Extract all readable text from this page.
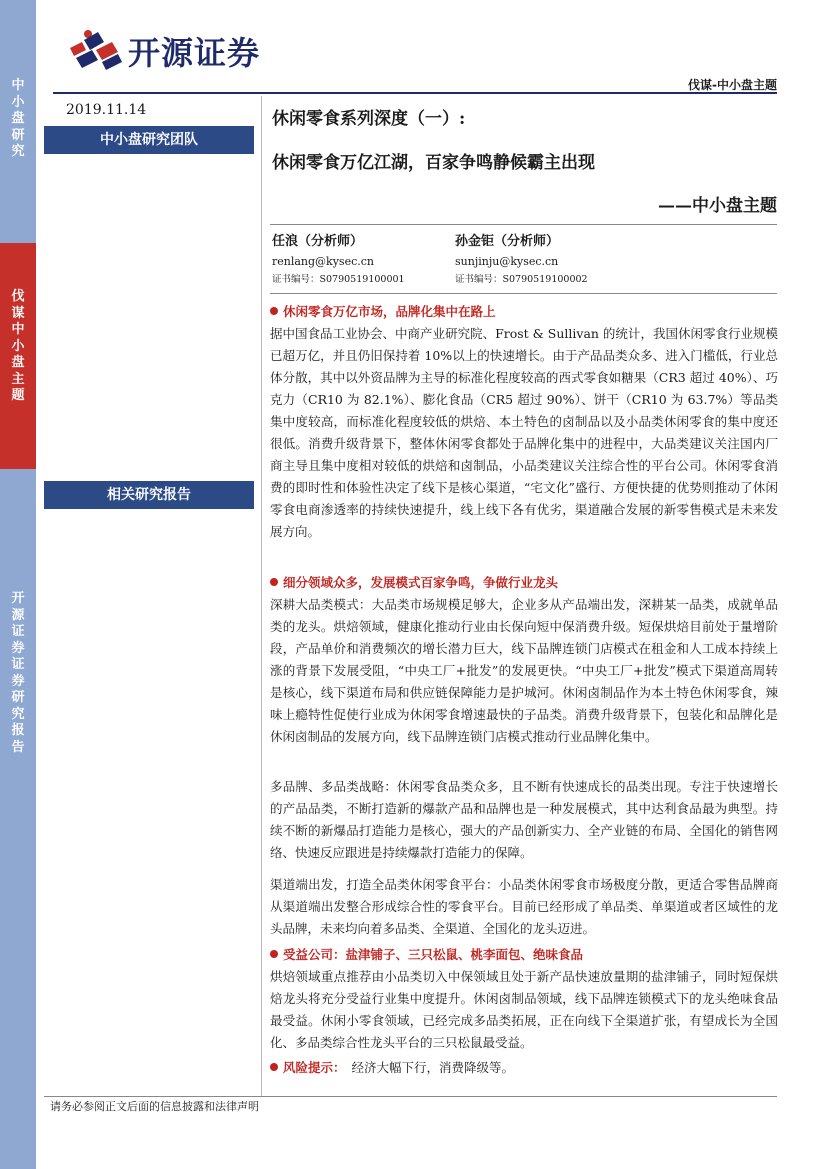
中小盘研究
伐谋中小盘主题
开源证券 证券研究报告
开源证券
伐谋-中小盘主题
2019.11.14
中小盘研究团队
相关研究报告
休闲零食系列深度（一）:
休闲零食万亿江湖，百家争鸣静候霸主出现
——中小盘主题
任浪（分析师）
renlang@kysec.cn
证书编号：S0790519100001
孙金钜（分析师）
sunjinju@kysec.cn
证书编号：S0790519100002
休闲零食万亿市场，品牌化集中在路上

据中国食品工业协会、中商产业研究院、Frost & Sullivan 的统计，我国休闲零食行业规模已超万亿，并且仍旧保持着 10%以上的快速增长。由于产品品类众多、进入门槛低，行业总体分散，其中以外资品牌为主导的标准化程度较高的西式零食如糖果（CR3 超过 40%）、巧克力（CR10 为 82.1%）、膨化食品（CR5 超过 90%）、饼干（CR10 为 63.7%）等品类集中度较高，而标准化程度较低的烘焙、本土特色的卤制品以及小品类休闲零食的集中度还很低。消费升级背景下，整体休闲零食都处于品牌化集中的进程中，大品类建议关注国内厂商主导且集中度相对较低的烘焙和卤制品，小品类建议关注综合性的平台公司。休闲零食消费的即时性和体验性决定了线下是核心渠道，“宅文化”盛行、方便快捷的优势则推动了休闲零食电商渗透率的持续快速提升，线上线下各有优劣，渠道融合发展的新零售模式是未来发展方向。

细分领域众多，发展模式百家争鸣，争做行业龙头

深耕大品类模式：大品类市场规模足够大，企业多从产品端出发，深耕某一品类，成就单品类的龙头。烘焙领域，健康化推动行业由长保向短中保消费升级。短保烘焙目前处于量增阶段，产品单价和消费频次的增长潜力巨大，线下品牌连锁门店模式在租金和人工成本持续上涨的背景下发展受阻，“中央工厂+批发”的发展更快。“中央工厂+批发”模式下渠道高周转是核心，线下渠道布局和供应链保障能力是护城河。休闲卤制品作为本土特色休闲零食，辣味上瘾特性促使行业成为休闲零食增速最快的子品类。消费升级背景下，包装化和品牌化是休闲卤制品的发展方向，线下品牌连锁门店模式推动行业品牌化集中。

多品牌、多品类战略：休闲零食品类众多，且不断有快速成长的品类出现。专注于快速增长的产品品类，不断打造新的爆款产品和品牌也是一种发展模式，其中达利食品最为典型。持续不断的新爆品打造能力是核心，强大的产品创新实力、全产业链的布局、全国化的销售网络、快速反应跟进是持续爆款打造能力的保障。

渠道端出发，打造全品类休闲零食平台：小品类休闲零食市场极度分散，更适合零售品牌商从渠道端出发整合形成综合性的零食平台。目前已经形成了单品类、单渠道或者区域性的龙头品牌，未来均向着多品类、全渠道、全国化的龙头迈进。

受益公司：盐津铺子、三只松鼠、桃李面包、绝味食品

烘焙领域重点推荐由小品类切入中保领域且处于新产品快速放量期的盐津铺子，同时短保烘焙龙头将充分受益行业集中度提升。休闲卤制品领域，线下品牌连锁模式下的龙头绝味食品最受益。休闲小零食领域，已经完成多品类拓展，正在向线下全渠道扩张，有望成长为全国化、多品类综合性龙头平台的三只松鼠最受益。

风险提示： 经济大幅下行，消费降级等。
请务必参阅正文后面的信息披露和法律声明
